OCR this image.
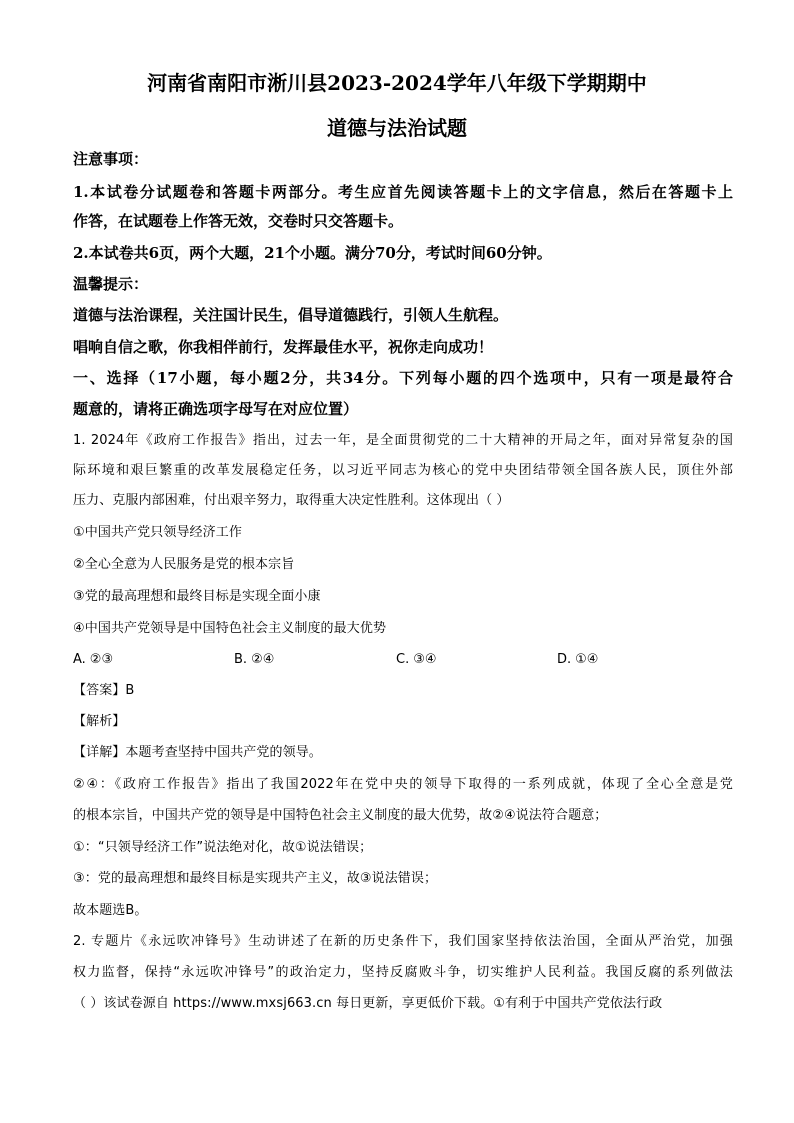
河南省南阳市淅川县2023-2024学年八年级下学期期中
道德与法治试题
注意事项：
1.本试卷分试题卷和答题卡两部分。考生应首先阅读答题卡上的文字信息，然后在答题卡上
作答，在试题卷上作答无效，交卷时只交答题卡。
2.本试卷共6页，两个大题，21个小题。满分70分，考试时间60分钟。
温馨提示：
道德与法治课程，关注国计民生，倡导道德践行，引领人生航程。
唱响自信之歌，你我相伴前行，发挥最佳水平，祝你走向成功！
一、选择（17小题，每小题2分，共34分。下列每小题的四个选项中，只有一项是最符合
题意的，请将正确选项字母写在对应位置）
1. 2024年《政府工作报告》指出，过去一年，是全面贯彻党的二十大精神的开局之年，面对异常复杂的国
际环境和艰巨繁重的改革发展稳定任务，以习近平同志为核心的党中央团结带领全国各族人民，顶住外部
压力、克服内部困难，付出艰辛努力，取得重大决定性胜利。这体现出（ ）
①中国共产党只领导经济工作
②全心全意为人民服务是党的根本宗旨
③党的最高理想和最终目标是实现全面小康
④中国共产党领导是中国特色社会主义制度的最大优势
A. ②③	B. ②④	C. ③④	D. ①④
【答案】B
【解析】
【详解】本题考查坚持中国共产党的领导。
②④：《政府工作报告》指出了我国2022年在党中央的领导下取得的一系列成就，体现了全心全意是党
的根本宗旨，中国共产党的领导是中国特色社会主义制度的最大优势，故②④说法符合题意；
①：“只领导经济工作”说法绝对化，故①说法错误；
③：党的最高理想和最终目标是实现共产主义，故③说法错误；
故本题选B。
2. 专题片《永远吹冲锋号》生动讲述了在新的历史条件下，我们国家坚持依法治国，全面从严治党，加强
权力监督，保持“永远吹冲锋号”的政治定力，坚持反腐败斗争，切实维护人民利益。我国反腐的系列做法
（ ）该试卷源自 https://www.mxsj663.cn 每日更新，享更低价下载。①有利于中国共产党依法行政
